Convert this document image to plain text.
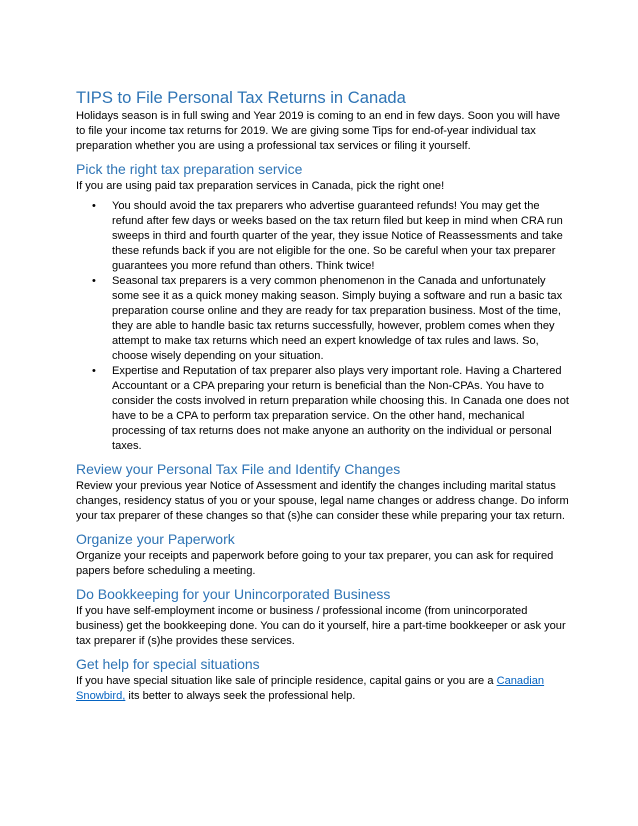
TIPS to File Personal Tax Returns in Canada

Holidays season is in full swing and Year 2019 is coming to an end in few days. Soon you will have to file your income tax returns for 2019. We are giving some Tips for end-of-year individual tax preparation whether you are using a professional tax services or filing it yourself.

Pick the right tax preparation service

If you are using paid tax preparation services in Canada, pick the right one!

• You should avoid the tax preparers who advertise guaranteed refunds! You may get the refund after few days or weeks based on the tax return filed but keep in mind when CRA run sweeps in third and fourth quarter of the year, they issue Notice of Reassessments and take these refunds back if you are not eligible for the one. So be careful when your tax preparer guarantees you more refund than others. Think twice!
• Seasonal tax preparers is a very common phenomenon in the Canada and unfortunately some see it as a quick money making season. Simply buying a software and run a basic tax preparation course online and they are ready for tax preparation business. Most of the time, they are able to handle basic tax returns successfully, however, problem comes when they attempt to make tax returns which need an expert knowledge of tax rules and laws. So, choose wisely depending on your situation.
• Expertise and Reputation of tax preparer also plays very important role. Having a Chartered Accountant or a CPA preparing your return is beneficial than the Non-CPAs. You have to consider the costs involved in return preparation while choosing this. In Canada one does not have to be a CPA to perform tax preparation service. On the other hand, mechanical processing of tax returns does not make anyone an authority on the individual or personal taxes.
Review your Personal Tax File and Identify Changes

Review your previous year Notice of Assessment and identify the changes including marital status changes, residency status of you or your spouse, legal name changes or address change. Do inform your tax preparer of these changes so that (s)he can consider these while preparing your tax return.

Organize your Paperwork

Organize your receipts and paperwork before going to your tax preparer, you can ask for required papers before scheduling a meeting.

Do Bookkeeping for your Unincorporated Business

If you have self-employment income or business / professional income (from unincorporated business) get the bookkeeping done. You can do it yourself, hire a part-time bookkeeper or ask your tax preparer if (s)he provides these services.

Get help for special situations

If you have special situation like sale of principle residence, capital gains or you are a Canadian Snowbird, its better to always seek the professional help.
